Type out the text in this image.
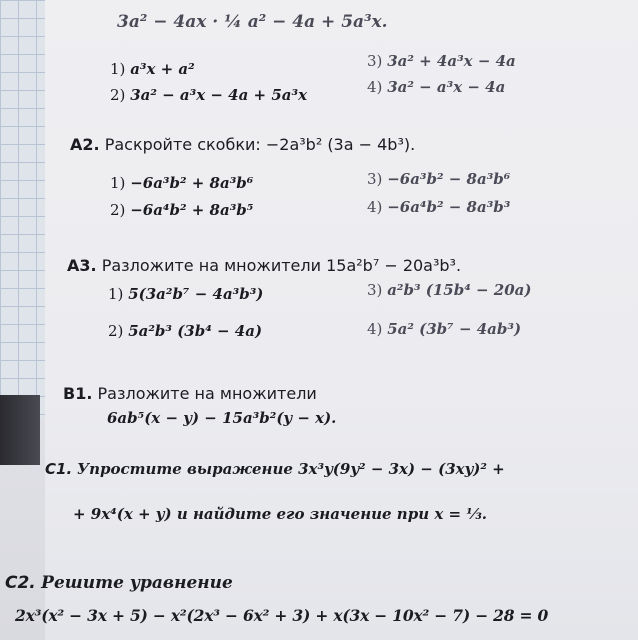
3a² − 4ax · ¼ a² − 4a + 5a³x.
1) a³x + a²	3) 3a² + 4a³x − 4a
2) 3a² − a³x − 4a + 5a³x	4) 3a² − a³x − 4a
A2. Раскройте скобки: −2a³b² (3a − 4b³).
1) −6a³b² + 8a³b⁶	3) −6a³b² − 8a³b⁶
2) −6a⁴b² + 8a³b⁵	4) −6a⁴b² − 8a³b³
A3. Разложите на множители 15a²b⁷ − 20a³b³.
1) 5(3a²b⁷ − 4a³b³)	3) a²b³ (15b⁴ − 20a)
2) 5a²b³ (3b⁴ − 4a)	4) 5a² (3b⁷ − 4ab³)
B1. Разложите на множители
6ab⁵(x − y) − 15a³b²(y − x).
C1. Упростите выражение 3x³y(9y² − 3x) − (3xy)² +
+ 9x⁴(x + y) и найдите его значение при x = ⅓.
C2. Решите уравнение
2x³(x² − 3x + 5) − x²(2x³ − 6x² + 3) + x(3x − 10x² − 7) − 28 = 0
